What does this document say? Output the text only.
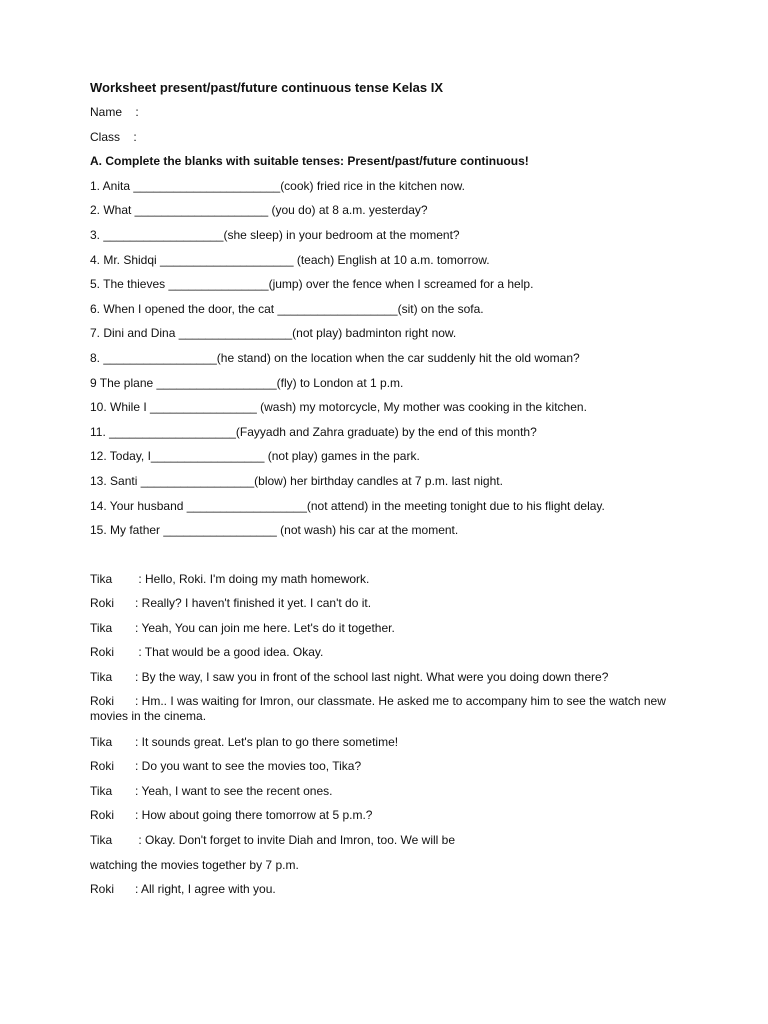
Worksheet present/past/future continuous tense Kelas IX

Name    :
Class    :
A. Complete the blanks with suitable tenses: Present/past/future continuous!
1. Anita ______________________(cook) fried rice in the kitchen now.
2. What ____________________ (you do) at 8 a.m. yesterday?
3. __________________(she sleep) in your bedroom at the moment?
4. Mr. Shidqi ____________________ (teach) English at 10 a.m. tomorrow.
5. The thieves _______________(jump) over the fence when I screamed for a help.
6. When I opened the door, the cat __________________(sit) on the sofa.
7. Dini and Dina _________________(not play) badminton right now.
8. _________________(he stand) on the location when the car suddenly hit the old woman?
9 The plane __________________(fly) to London at 1 p.m.
10. While I ________________ (wash) my motorcycle, My mother was cooking in the kitchen.
11. ___________________(Fayyadh and Zahra graduate) by the end of this month?
12. Today, I_________________ (not play) games in the park.
13. Santi _________________(blow) her birthday candles at 7 p.m. last night.
14. Your husband __________________(not attend) in the meeting tonight due to his flight delay.
15. My father _________________ (not wash) his car at the moment.
Tika : Hello, Roki. I'm doing my math homework.
Roki : Really? I haven't finished it yet. I can't do it.
Tika : Yeah, You can join me here. Let's do it together.
Roki : That would be a good idea. Okay.
Tika : By the way, I saw you in front of the school last night. What were you doing down there?
Roki : Hm.. I was waiting for Imron, our classmate. He asked me to accompany him to see the watch new movies in the cinema.
Tika : It sounds great. Let's plan to go there sometime!
Roki : Do you want to see the movies too, Tika?
Tika : Yeah, I want to see the recent ones.
Roki : How about going there tomorrow at 5 p.m.?
Tika : Okay. Don't forget to invite Diah and Imron, too. We will be
watching the movies together by 7 p.m.
Roki : All right, I agree with you.
